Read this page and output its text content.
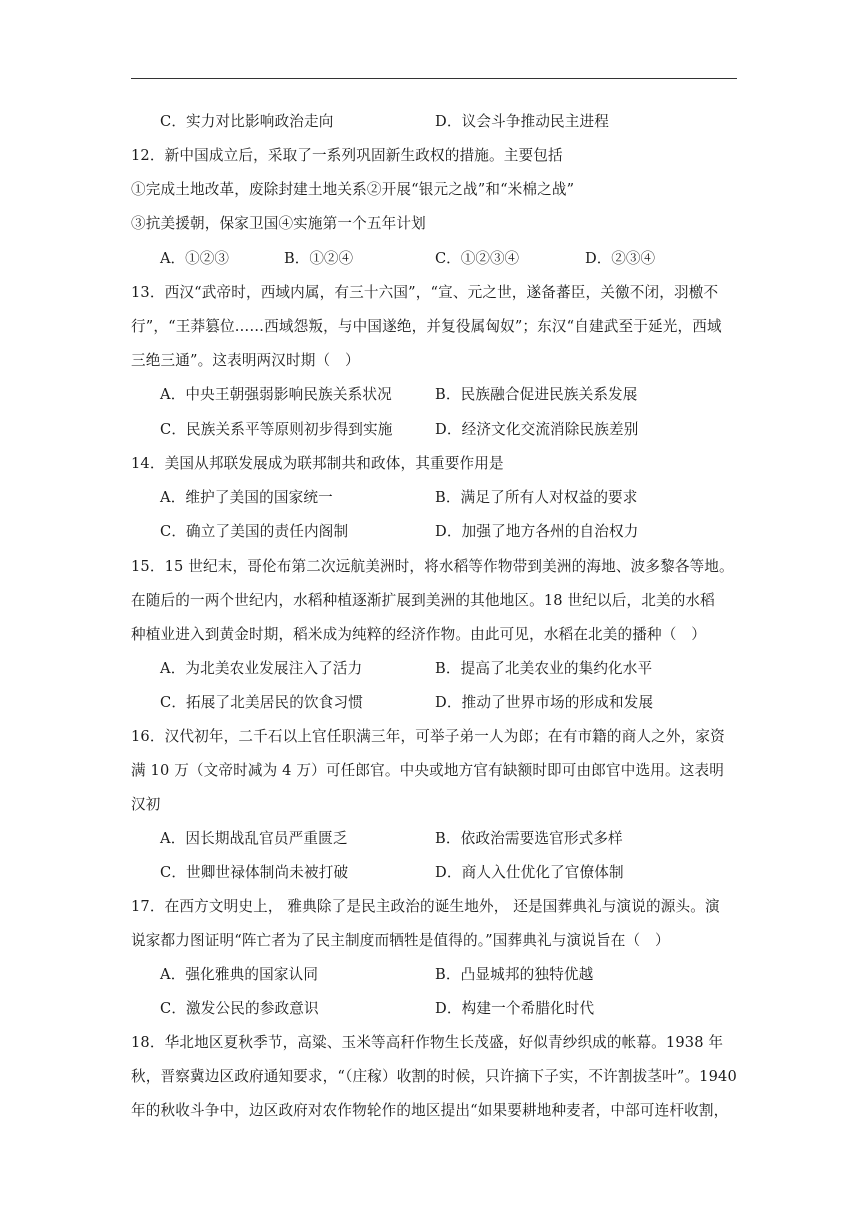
C．实力对比影响政治走向	D．议会斗争推动民主进程
12．新中国成立后，采取了一系列巩固新生政权的措施。主要包括
①完成土地改革，废除封建土地关系②开展“银元之战”和“米棉之战”
③抗美援朝，保家卫国④实施第一个五年计划
A．①②③	B．①②④	C．①②③④	D．②③④
13．西汉“武帝时，西域内属，有三十六国”，“宣、元之世，遂备蕃臣，关徼不闭，羽檄不
行”，“王莽篡位……西域怨叛，与中国遂绝，并复役属匈奴”；东汉“自建武至于延光，西域
三绝三通”。这表明两汉时期（　）
A．中央王朝强弱影响民族关系状况	B．民族融合促进民族关系发展
C．民族关系平等原则初步得到实施	D．经济文化交流消除民族差别
14．美国从邦联发展成为联邦制共和政体，其重要作用是
A．维护了美国的国家统一	B．满足了所有人对权益的要求
C．确立了美国的责任内阁制	D．加强了地方各州的自治权力
15．15 世纪末，哥伦布第二次远航美洲时，将水稻等作物带到美洲的海地、波多黎各等地。
在随后的一两个世纪内，水稻种植逐渐扩展到美洲的其他地区。18 世纪以后，北美的水稻
种植业进入到黄金时期，稻米成为纯粹的经济作物。由此可见，水稻在北美的播种（　）
A．为北美农业发展注入了活力	B．提高了北美农业的集约化水平
C．拓展了北美居民的饮食习惯	D．推动了世界市场的形成和发展
16．汉代初年，二千石以上官任职满三年，可举子弟一人为郎；在有市籍的商人之外，家资
满 10 万（文帝时减为 4 万）可任郎官。中央或地方官有缺额时即可由郎官中选用。这表明
汉初
A．因长期战乱官员严重匮乏	B．依政治需要选官形式多样
C．世卿世禄体制尚未被打破	D．商人入仕优化了官僚体制
17．在西方文明史上， 雅典除了是民主政治的诞生地外， 还是国葬典礼与演说的源头。演
说家都力图证明“阵亡者为了民主制度而牺牲是值得的。”国葬典礼与演说旨在（　）
A．强化雅典的国家认同	B．凸显城邦的独特优越
C．激发公民的参政意识	D．构建一个希腊化时代
18．华北地区夏秋季节，高粱、玉米等高秆作物生长茂盛，好似青纱织成的帐幕。1938 年
秋，晋察冀边区政府通知要求，“（庄稼）收割的时候，只许摘下子实，不许割拔茎叶”。1940
年的秋收斗争中，边区政府对农作物轮作的地区提出“如果要耕地种麦者，中部可连杆收割，
